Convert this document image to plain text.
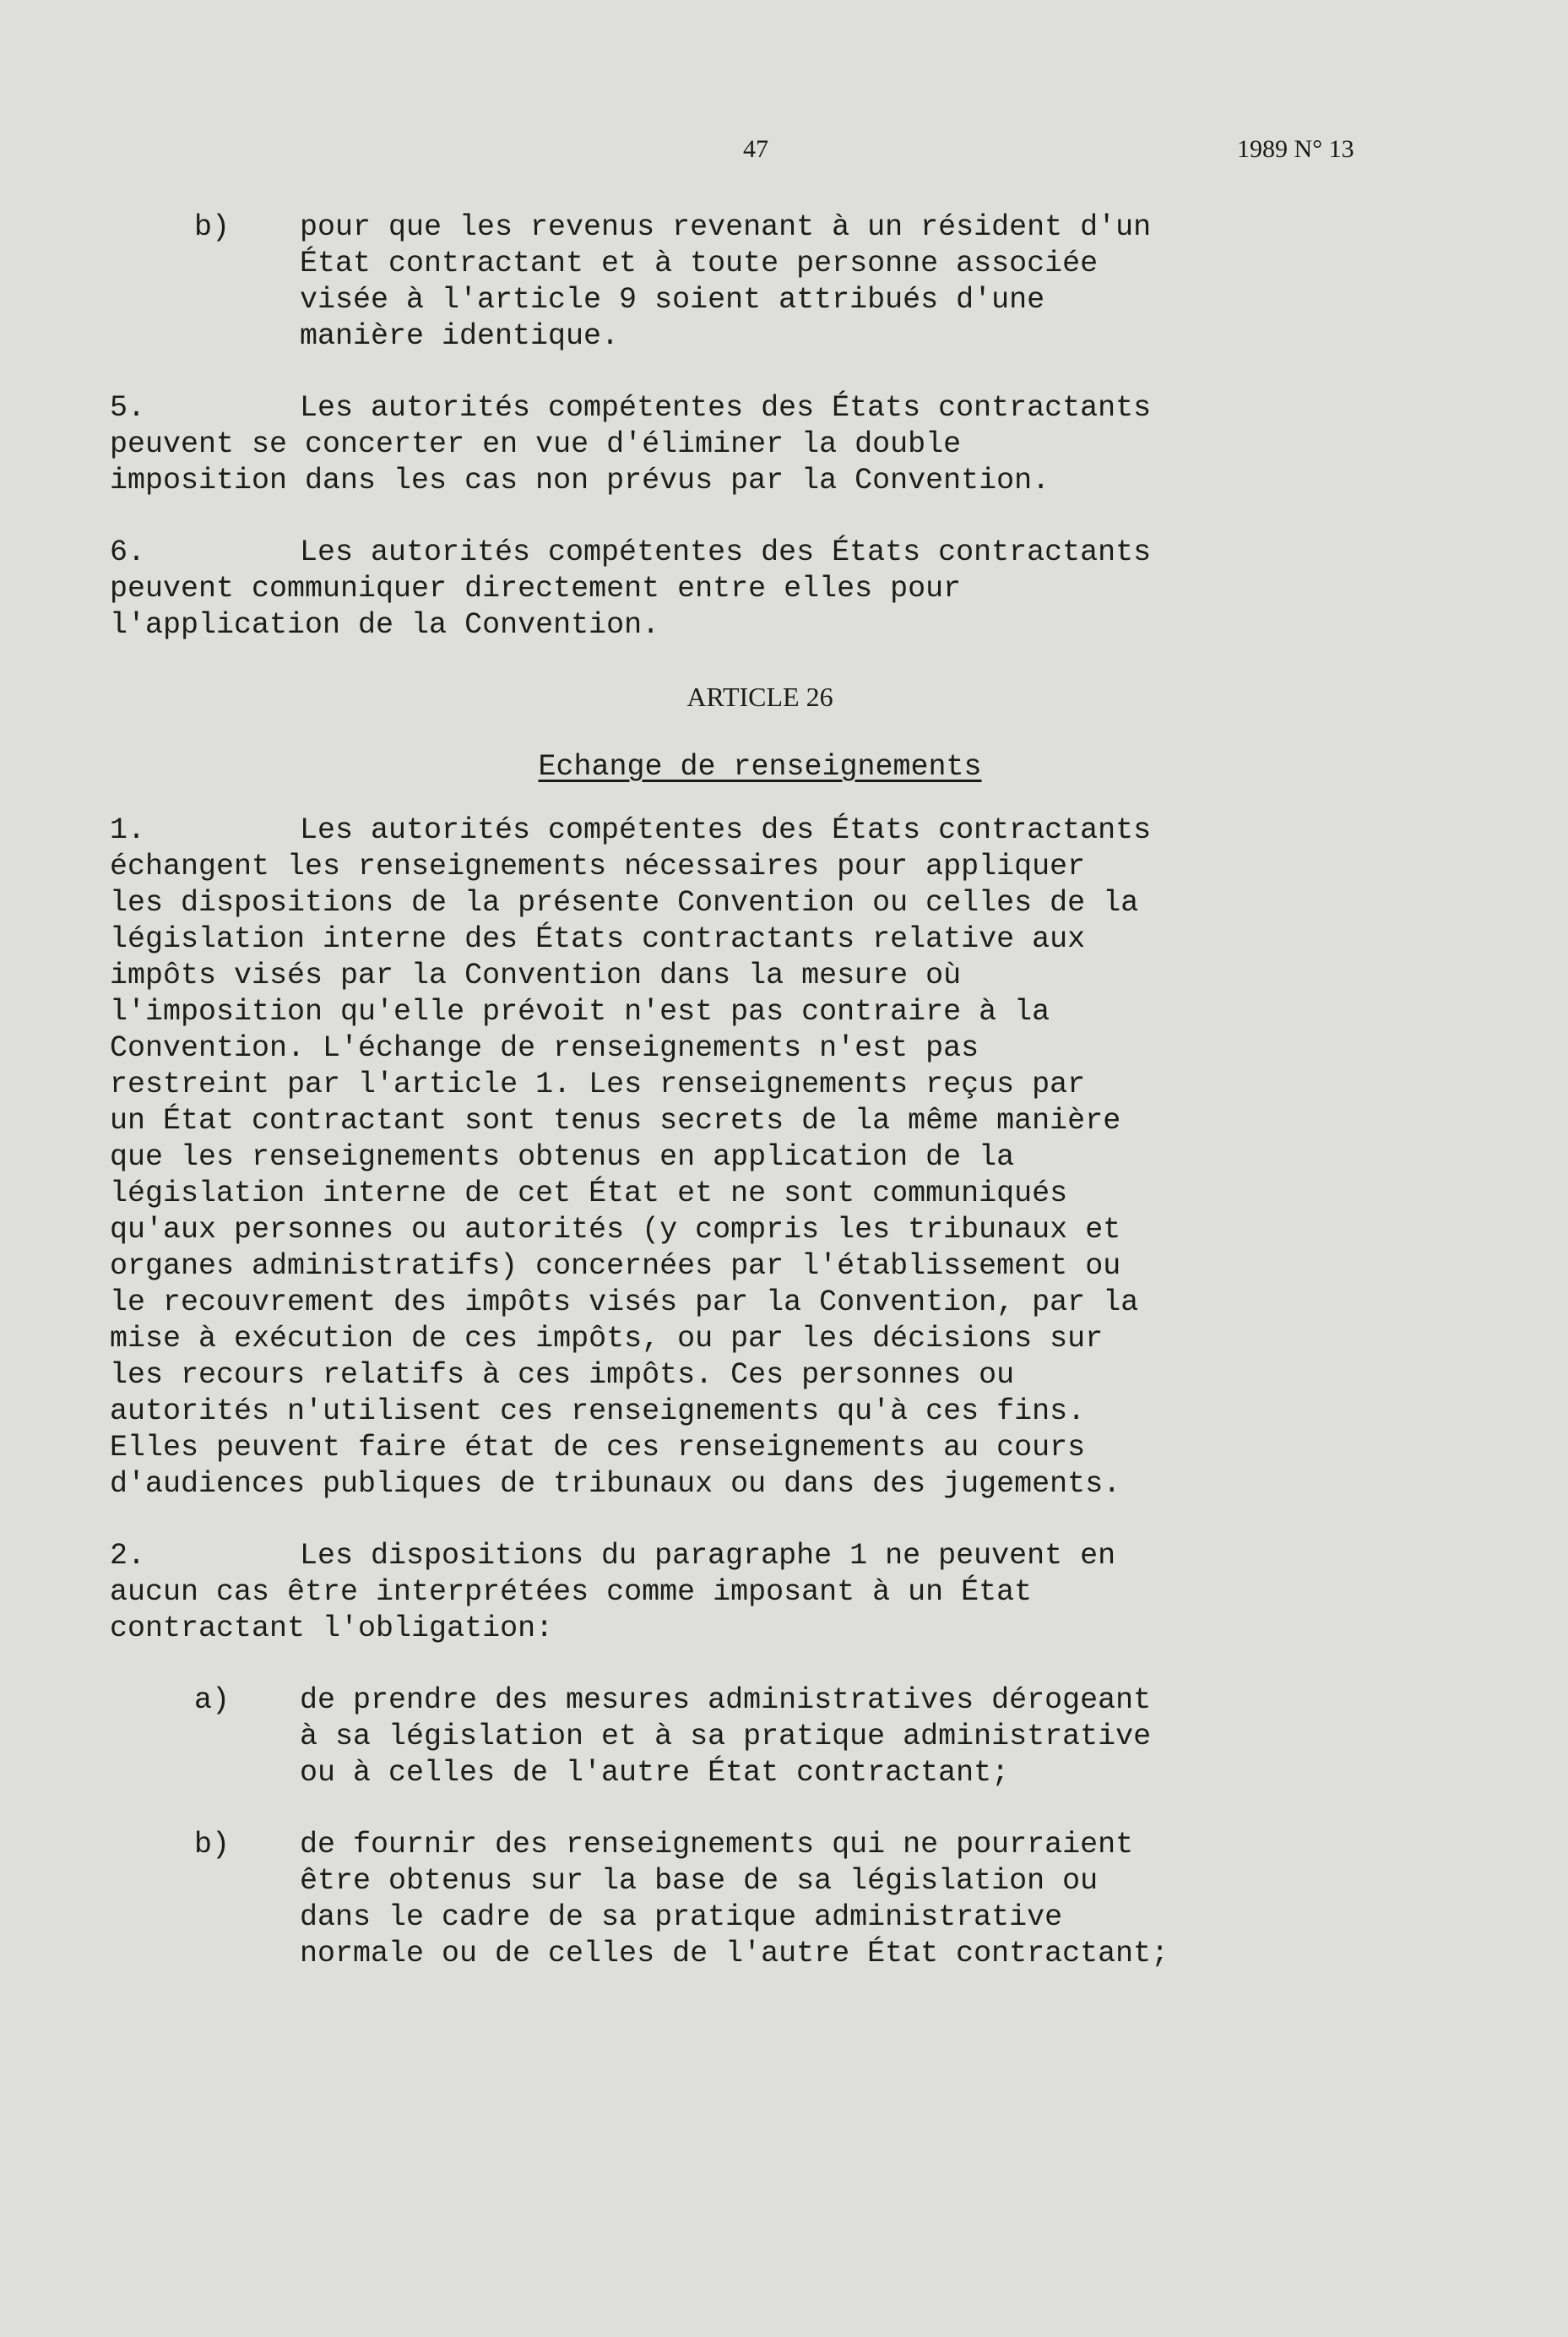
47	1989 N° 13
b) pour que les revenus revenant à un résident d'un
État contractant et à toute personne associée
visée à l'article 9 soient attribués d'une
manière identique.
5.	Les autorités compétentes des États contractants
peuvent se concerter en vue d'éliminer la double
imposition dans les cas non prévus par la Convention.
6.	Les autorités compétentes des États contractants
peuvent communiquer directement entre elles pour
l'application de la Convention.
ARTICLE 26
Echange de renseignements
1.	Les autorités compétentes des États contractants
échangent les renseignements nécessaires pour appliquer
les dispositions de la présente Convention ou celles de la
législation interne des États contractants relative aux
impôts visés par la Convention dans la mesure où
l'imposition qu'elle prévoit n'est pas contraire à la
Convention. L'échange de renseignements n'est pas
restreint par l'article 1. Les renseignements reçus par
un État contractant sont tenus secrets de la même manière
que les renseignements obtenus en application de la
législation interne de cet État et ne sont communiqués
qu'aux personnes ou autorités (y compris les tribunaux et
organes administratifs) concernées par l'établissement ou
le recouvrement des impôts visés par la Convention, par la
mise à exécution de ces impôts, ou par les décisions sur
les recours relatifs à ces impôts. Ces personnes ou
autorités n'utilisent ces renseignements qu'à ces fins.
Elles peuvent faire état de ces renseignements au cours
d'audiences publiques de tribunaux ou dans des jugements.
2.	Les dispositions du paragraphe 1 ne peuvent en
aucun cas être interprétées comme imposant à un État
contractant l'obligation:
a) de prendre des mesures administratives dérogeant
à sa législation et à sa pratique administrative
ou à celles de l'autre État contractant;
b) de fournir des renseignements qui ne pourraient
être obtenus sur la base de sa législation ou
dans le cadre de sa pratique administrative
normale ou de celles de l'autre État contractant;
